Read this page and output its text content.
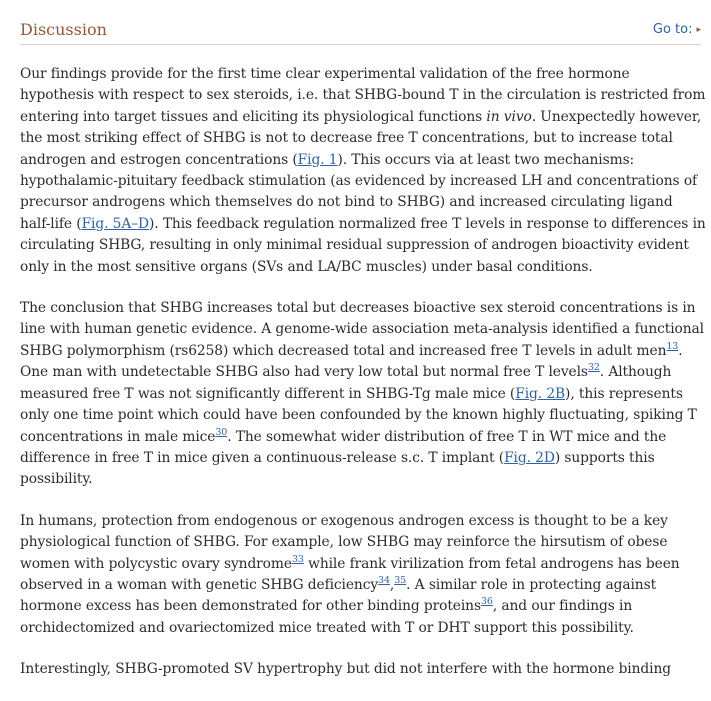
Discussion	Go to: ▸

Our findings provide for the first time clear experimental validation of the free hormone hypothesis with respect to sex steroids, i.e. that SHBG-bound T in the circulation is restricted from entering into target tissues and eliciting its physiological functions in vivo. Unexpectedly however, the most striking effect of SHBG is not to decrease free T concentrations, but to increase total androgen and estrogen concentrations (Fig. 1). This occurs via at least two mechanisms: hypothalamic-pituitary feedback stimulation (as evidenced by increased LH and concentrations of precursor androgens which themselves do not bind to SHBG) and increased circulating ligand half-life (Fig. 5A–D). This feedback regulation normalized free T levels in response to differences in circulating SHBG, resulting in only minimal residual suppression of androgen bioactivity evident only in the most sensitive organs (SVs and LA/BC muscles) under basal conditions.

The conclusion that SHBG increases total but decreases bioactive sex steroid concentrations is in line with human genetic evidence. A genome-wide association meta-analysis identified a functional SHBG polymorphism (rs6258) which decreased total and increased free T levels in adult men$^{13}$. One man with undetectable SHBG also had very low total but normal free T levels$^{32}$. Although measured free T was not significantly different in SHBG-Tg male mice (Fig. 2B), this represents only one time point which could have been confounded by the known highly fluctuating, spiking T concentrations in male mice$^{30}$. The somewhat wider distribution of free T in WT mice and the difference in free T in mice given a continuous-release s.c. T implant (Fig. 2D) supports this possibility.

In humans, protection from endogenous or exogenous androgen excess is thought to be a key physiological function of SHBG. For example, low SHBG may reinforce the hirsutism of obese women with polycystic ovary syndrome$^{33}$ while frank virilization from fetal androgens has been observed in a woman with genetic SHBG deficiency$^{34}$,$^{35}$. A similar role in protecting against hormone excess has been demonstrated for other binding proteins$^{36}$, and our findings in orchidectomized and ovariectomized mice treated with T or DHT support this possibility.

Interestingly, SHBG-promoted SV hypertrophy but did not interfere with the hormone binding
